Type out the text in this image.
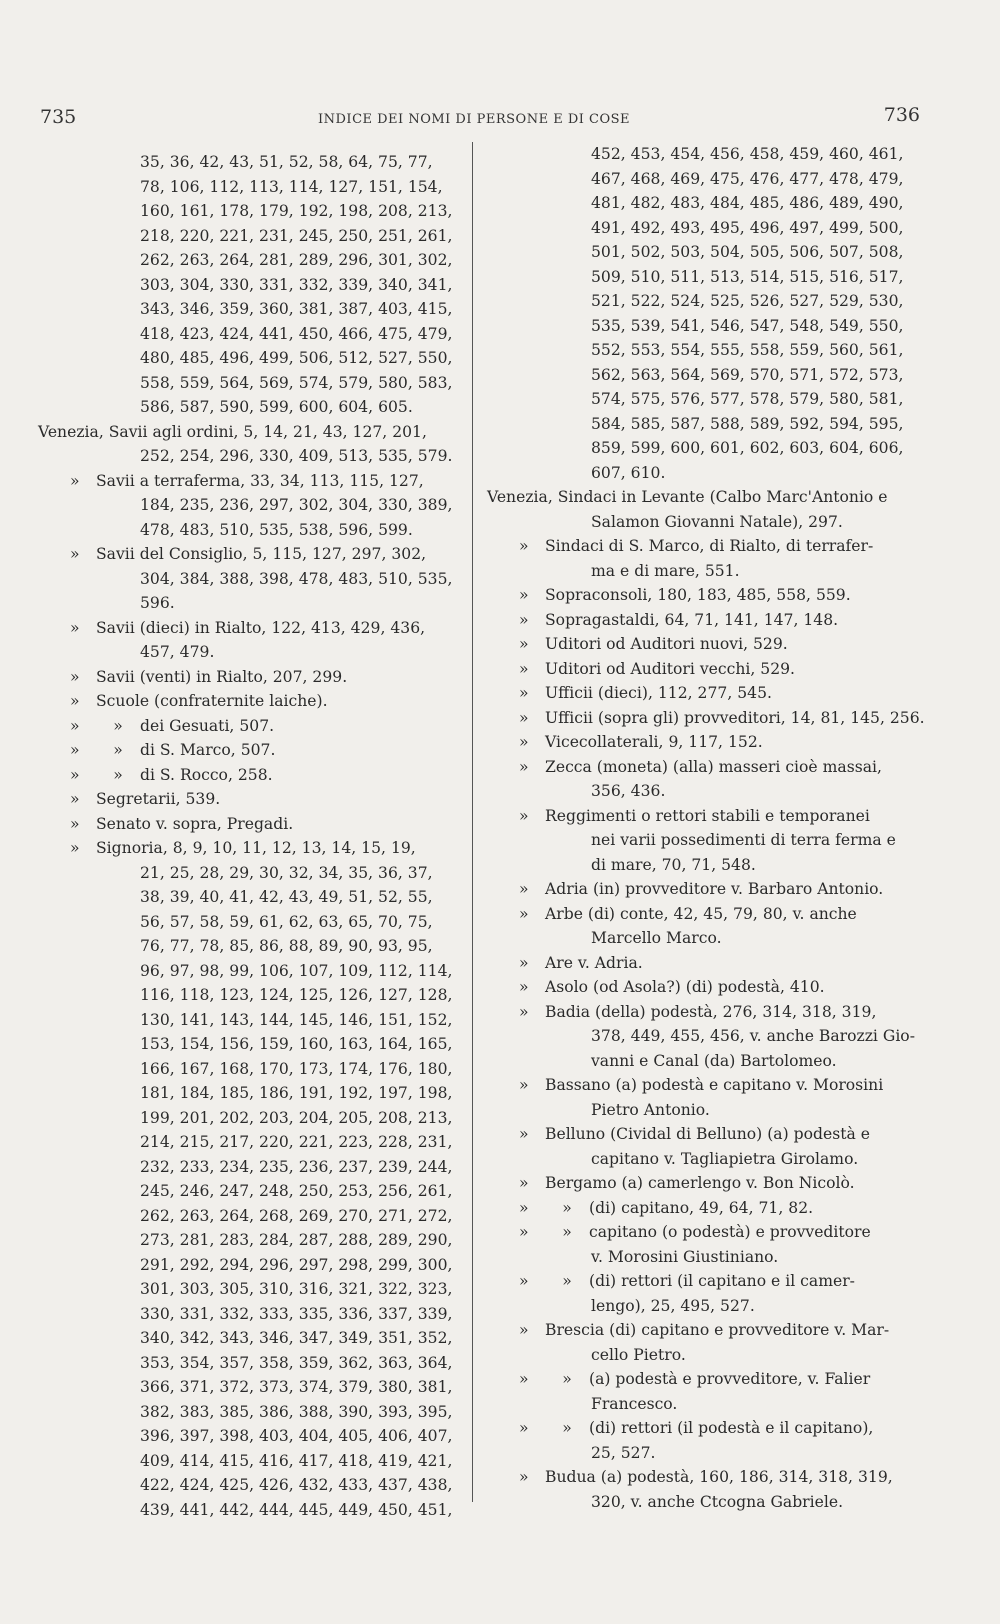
735	INDICE DEI NOMI DI PERSONE E DI COSE	736
35, 36, 42, 43, 51, 52, 58, 64, 75, 77,
78, 106, 112, 113, 114, 127, 151, 154,
160, 161, 178, 179, 192, 198, 208, 213,
218, 220, 221, 231, 245, 250, 251, 261,
262, 263, 264, 281, 289, 296, 301, 302,
303, 304, 330, 331, 332, 339, 340, 341,
343, 346, 359, 360, 381, 387, 403, 415,
418, 423, 424, 441, 450, 466, 475, 479,
480, 485, 496, 499, 506, 512, 527, 550,
558, 559, 564, 569, 574, 579, 580, 583,
586, 587, 590, 599, 600, 604, 605.
Venezia, Savii agli ordini, 5, 14, 21, 43, 127, 201,
252, 254, 296, 330, 409, 513, 535, 579.
»	Savii a terraferma, 33, 34, 113, 115, 127,
184, 235, 236, 297, 302, 304, 330, 389,
478, 483, 510, 535, 538, 596, 599.
»	Savii del Consiglio, 5, 115, 127, 297, 302,
304, 384, 388, 398, 478, 483, 510, 535,
596.
»	Savii (dieci) in Rialto, 122, 413, 429, 436,
457, 479.
»	Savii (venti) in Rialto, 207, 299.
»	Scuole (confraternite laiche).
»	»	dei Gesuati, 507.
»	»	di S. Marco, 507.
»	»	di S. Rocco, 258.
»	Segretarii, 539.
»	Senato v. sopra, Pregadi.
»	Signoria, 8, 9, 10, 11, 12, 13, 14, 15, 19,
21, 25, 28, 29, 30, 32, 34, 35, 36, 37,
38, 39, 40, 41, 42, 43, 49, 51, 52, 55,
56, 57, 58, 59, 61, 62, 63, 65, 70, 75,
76, 77, 78, 85, 86, 88, 89, 90, 93, 95,
96, 97, 98, 99, 106, 107, 109, 112, 114,
116, 118, 123, 124, 125, 126, 127, 128,
130, 141, 143, 144, 145, 146, 151, 152,
153, 154, 156, 159, 160, 163, 164, 165,
166, 167, 168, 170, 173, 174, 176, 180,
181, 184, 185, 186, 191, 192, 197, 198,
199, 201, 202, 203, 204, 205, 208, 213,
214, 215, 217, 220, 221, 223, 228, 231,
232, 233, 234, 235, 236, 237, 239, 244,
245, 246, 247, 248, 250, 253, 256, 261,
262, 263, 264, 268, 269, 270, 271, 272,
273, 281, 283, 284, 287, 288, 289, 290,
291, 292, 294, 296, 297, 298, 299, 300,
301, 303, 305, 310, 316, 321, 322, 323,
330, 331, 332, 333, 335, 336, 337, 339,
340, 342, 343, 346, 347, 349, 351, 352,
353, 354, 357, 358, 359, 362, 363, 364,
366, 371, 372, 373, 374, 379, 380, 381,
382, 383, 385, 386, 388, 390, 393, 395,
396, 397, 398, 403, 404, 405, 406, 407,
409, 414, 415, 416, 417, 418, 419, 421,
422, 424, 425, 426, 432, 433, 437, 438,
439, 441, 442, 444, 445, 449, 450, 451,
452, 453, 454, 456, 458, 459, 460, 461,
467, 468, 469, 475, 476, 477, 478, 479,
481, 482, 483, 484, 485, 486, 489, 490,
491, 492, 493, 495, 496, 497, 499, 500,
501, 502, 503, 504, 505, 506, 507, 508,
509, 510, 511, 513, 514, 515, 516, 517,
521, 522, 524, 525, 526, 527, 529, 530,
535, 539, 541, 546, 547, 548, 549, 550,
552, 553, 554, 555, 558, 559, 560, 561,
562, 563, 564, 569, 570, 571, 572, 573,
574, 575, 576, 577, 578, 579, 580, 581,
584, 585, 587, 588, 589, 592, 594, 595,
859, 599, 600, 601, 602, 603, 604, 606,
607, 610.
Venezia, Sindaci in Levante (Calbo Marc'Antonio e
Salamon Giovanni Natale), 297.
»	Sindaci di S. Marco, di Rialto, di terrafer-
ma e di mare, 551.
»	Sopraconsoli, 180, 183, 485, 558, 559.
»	Sopragastaldi, 64, 71, 141, 147, 148.
»	Uditori od Auditori nuovi, 529.
»	Uditori od Auditori vecchi, 529.
»	Ufficii (dieci), 112, 277, 545.
»	Ufficii (sopra gli) provveditori, 14, 81, 145, 256.
»	Vicecollaterali, 9, 117, 152.
»	Zecca (moneta) (alla) masseri cioè massai,
356, 436.
»	Reggimenti o rettori stabili e temporanei
nei varii possedimenti di terra ferma e
di mare, 70, 71, 548.
»	Adria (in) provveditore v. Barbaro Antonio.
»	Arbe (di) conte, 42, 45, 79, 80, v. anche
Marcello Marco.
»	Are v. Adria.
»	Asolo (od Asola?) (di) podestà, 410.
»	Badia (della) podestà, 276, 314, 318, 319,
378, 449, 455, 456, v. anche Barozzi Gio-
vanni e Canal (da) Bartolomeo.
»	Bassano (a) podestà e capitano v. Morosini
Pietro Antonio.
»	Belluno (Cividal di Belluno) (a) podestà e
capitano v. Tagliapietra Girolamo.
»	Bergamo (a) camerlengo v. Bon Nicolò.
»	»	(di) capitano, 49, 64, 71, 82.
»	»	capitano (o podestà) e provveditore
v. Morosini Giustiniano.
»	»	(di) rettori (il capitano e il camer-
lengo), 25, 495, 527.
»	Brescia (di) capitano e provveditore v. Mar-
cello Pietro.
»	»	(a) podestà e provveditore, v. Falier
Francesco.
»	»	(di) rettori (il podestà e il capitano),
25, 527.
»	Budua (a) podestà, 160, 186, 314, 318, 319,
320, v. anche Ctcogna Gabriele.
